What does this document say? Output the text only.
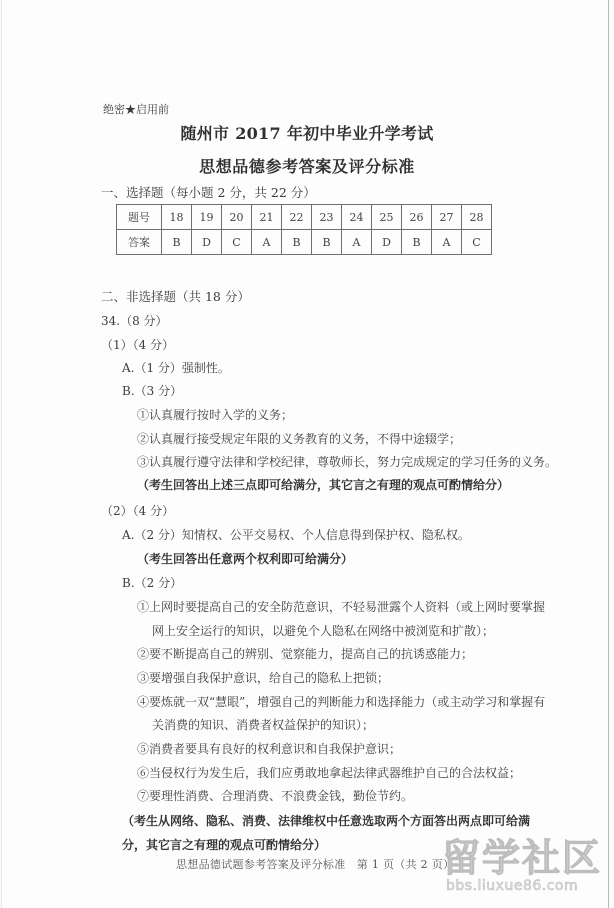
绝密★启用前
随州市 2017 年初中毕业升学考试
思想品德参考答案及评分标准
一、选择题（每小题 2 分，共 22 分）
题号	18	19	20	21	22	23	24	25	26	27	28
答案	B	D	C	A	B	B	A	D	B	A	C
二、非选择题（共 18 分）
34.（8 分）
（1）（4 分）
A.（1 分）强制性。
B.（3 分）
①认真履行按时入学的义务；
②认真履行接受规定年限的义务教育的义务，不得中途辍学；
③认真履行遵守法律和学校纪律，尊敬师长，努力完成规定的学习任务的义务。
（考生回答出上述三点即可给满分，其它言之有理的观点可酌情给分）
（2）（4 分）
A.（2 分）知情权、公平交易权、个人信息得到保护权、隐私权。
（考生回答出任意两个权利即可给满分）
B.（2 分）
①上网时要提高自己的安全防范意识，不轻易泄露个人资料（或上网时要掌握
网上安全运行的知识，以避免个人隐私在网络中被浏览和扩散）；
②要不断提高自己的辨别、觉察能力，提高自己的抗诱惑能力；
③要增强自我保护意识，给自己的隐私上把锁；
④要炼就一双“慧眼”，增强自己的判断能力和选择能力（或主动学习和掌握有
关消费的知识、消费者权益保护的知识）；
⑤消费者要具有良好的权利意识和自我保护意识；
⑥当侵权行为发生后，我们应勇敢地拿起法律武器维护自己的合法权益；
⑦要理性消费、合理消费、不浪费金钱，勤俭节约。
（考生从网络、隐私、消费、法律维权中任意选取两个方面答出两点即可给满
分，其它言之有理的观点可酌情给分）
思想品德试题参考答案及评分标准　第 1 页（共 2 页）
留学社区
bbs.liuxue86.com
